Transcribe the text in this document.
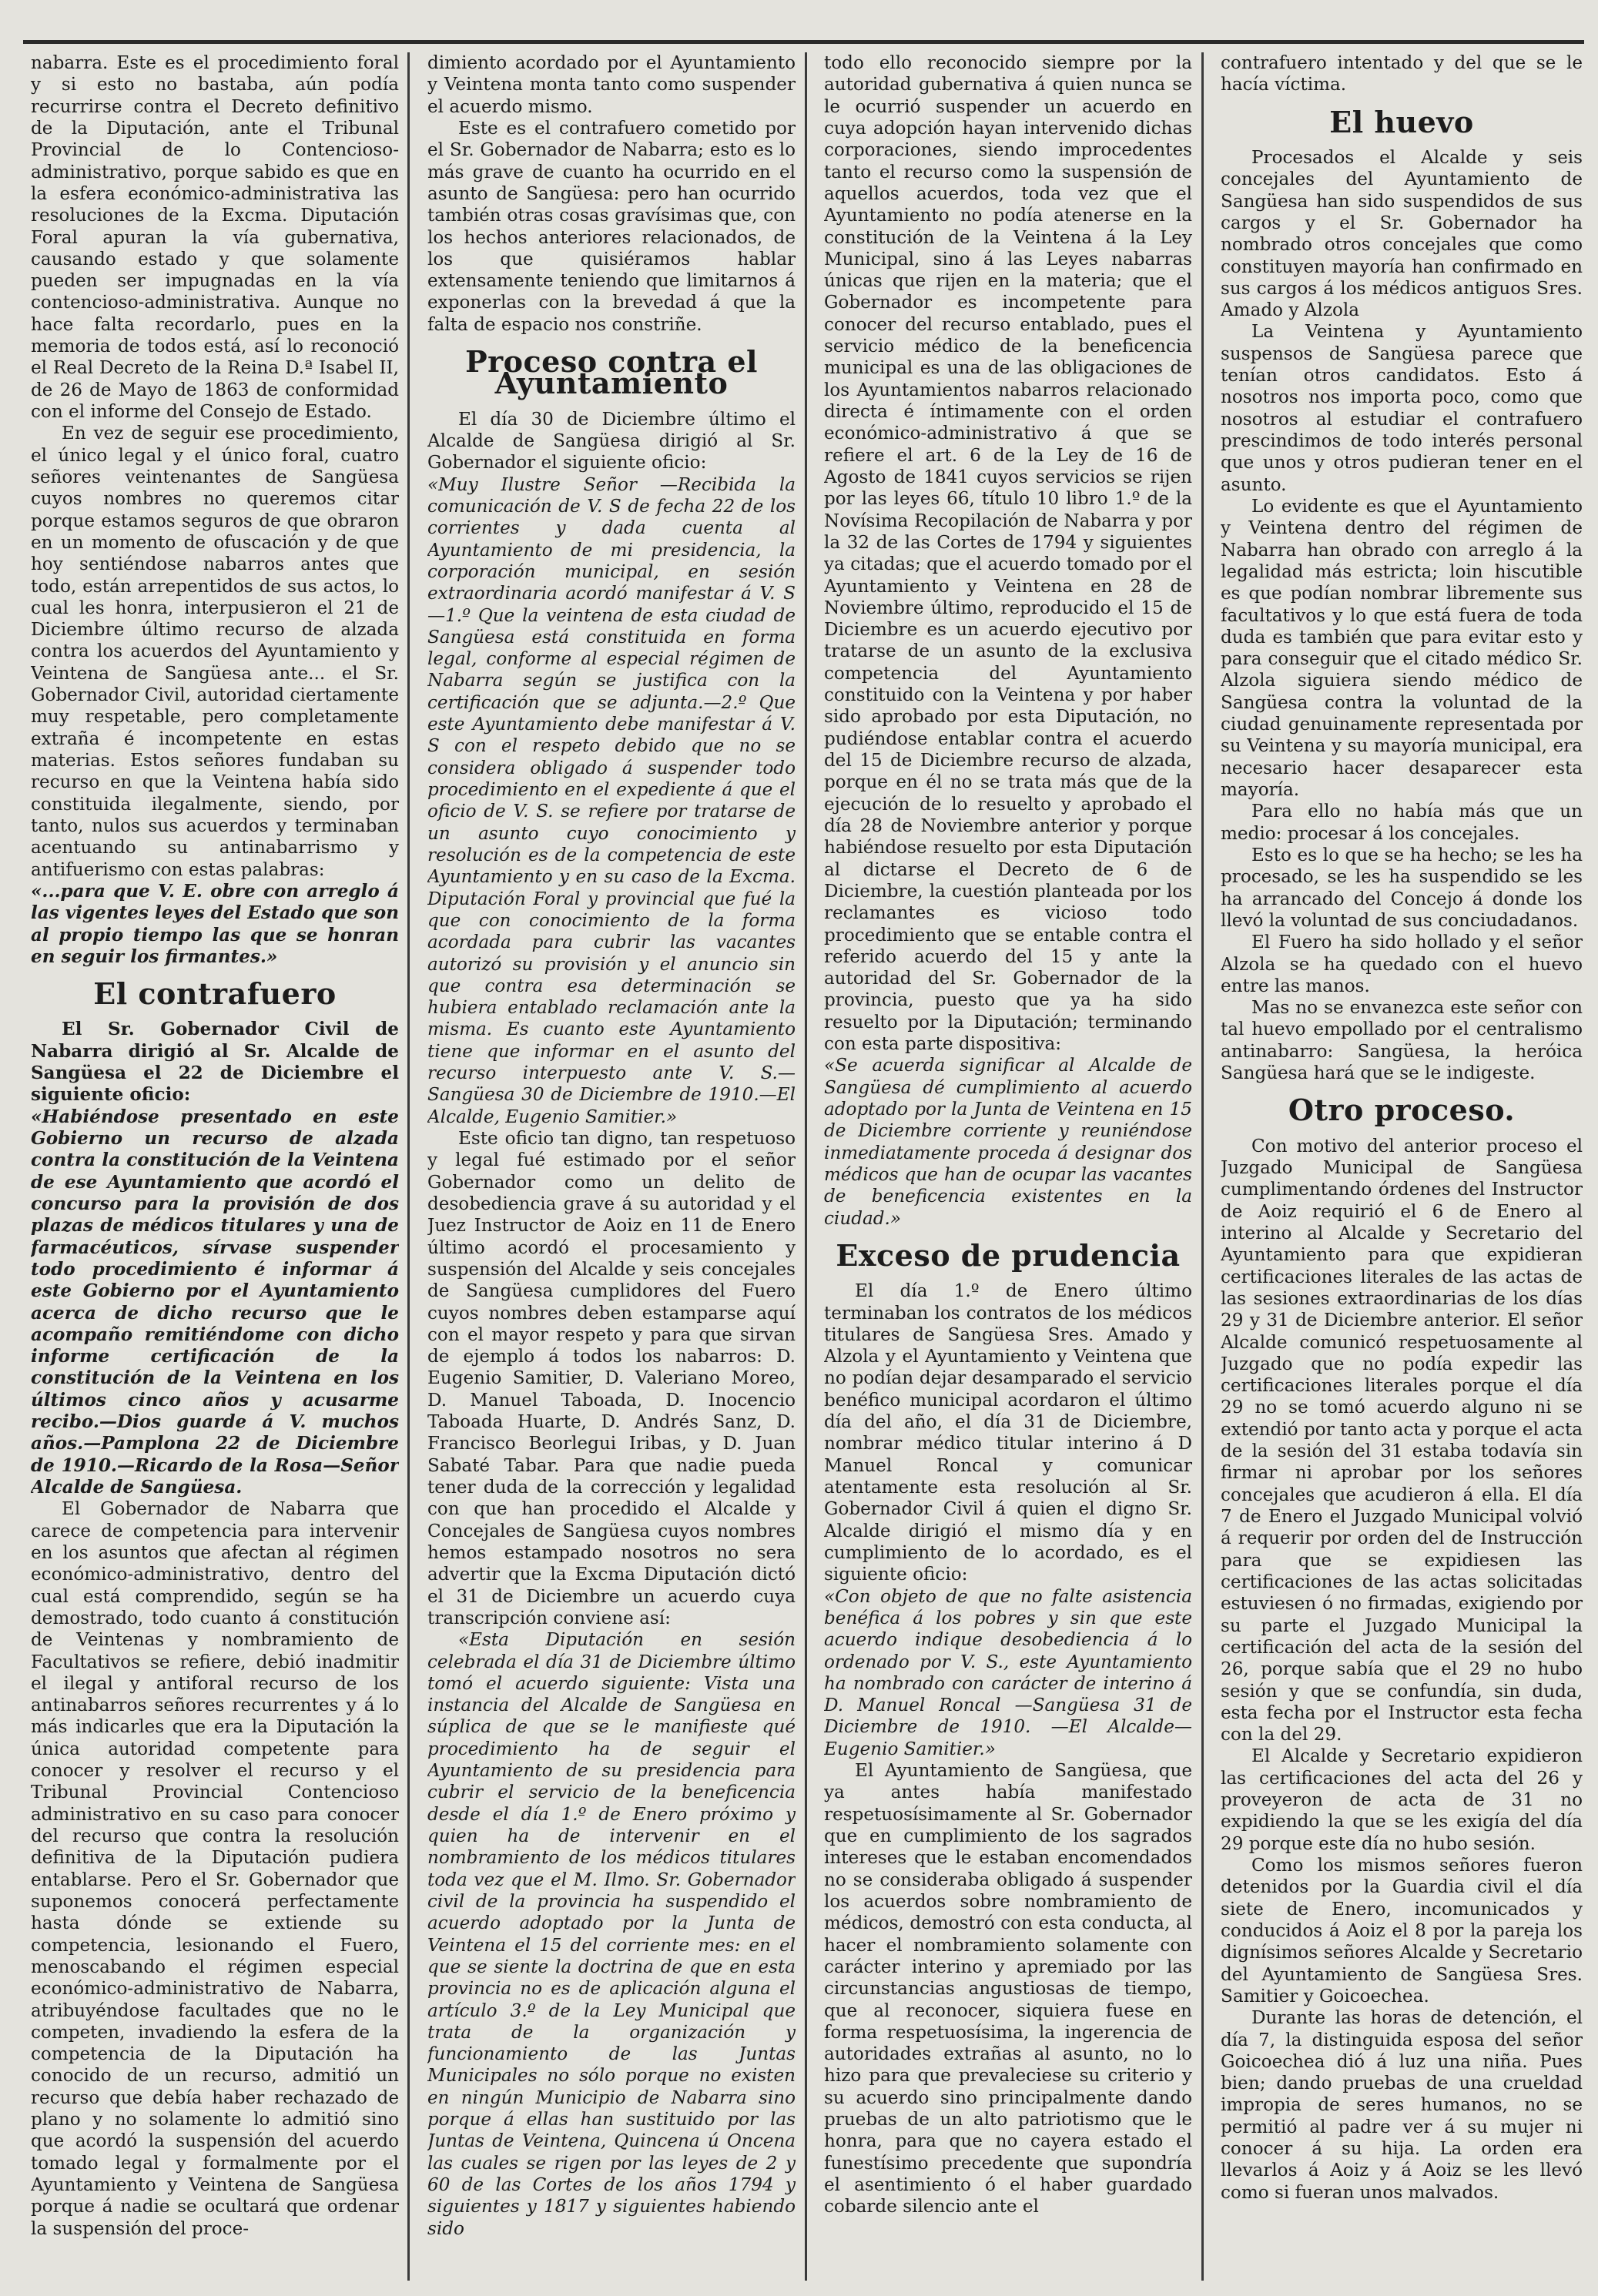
nabarra. Este es el procedimiento foral y si esto no bastaba, aún podía recurrirse contra el Decreto definitivo de la Diputación, ante el Tribunal Provincial de lo Contencioso-administrativo, porque sabido es que en la esfera económico-administrativa las resoluciones de la Excma. Diputación Foral apuran la vía gubernativa, causando estado y que solamente pueden ser impugnadas en la vía contencioso-administrativa. Aunque no hace falta recordarlo, pues en la memoria de todos está, así lo reconoció el Real Decreto de la Reina D.ª Isabel II, de 26 de Mayo de 1863 de conformidad con el informe del Consejo de Estado.

En vez de seguir ese procedimiento, el único legal y el único foral, cuatro señores veintenantes de Sangüesa cuyos nombres no queremos citar porque estamos seguros de que obraron en un momento de ofuscación y de que hoy sentiéndose nabarros antes que todo, están arrepentidos de sus actos, lo cual les honra, interpusieron el 21 de Diciembre último recurso de alzada contra los acuerdos del Ayuntamiento y Veintena de Sangüesa ante... el Sr. Gobernador Civil, autoridad ciertamente muy respetable, pero completamente extraña é incompetente en estas materias. Estos señores fundaban su recurso en que la Veintena había sido constituida ilegalmente, siendo, por tanto, nulos sus acuerdos y terminaban acentuando su antinabarrismo y antifuerismo con estas palabras:

«...para que V. E. obre con arreglo á las vigentes leyes del Estado que son al propio tiempo las que se honran en seguir los firmantes.»

El contrafuero

El Sr. Gobernador Civil de Nabarra dirigió al Sr. Alcalde de Sangüesa el 22 de Diciembre el siguiente oficio:

«Habiéndose presentado en este Gobierno un recurso de alzada contra la constitución de la Veintena de ese Ayuntamiento que acordó el concurso para la provisión de dos plazas de médicos titulares y una de farmacéuticos, sírvase suspender todo procedimiento é informar á este Gobierno por el Ayuntamiento acerca de dicho recurso que le acompaño remitiéndome con dicho informe certificación de la constitución de la Veintena en los últimos cinco años y acusarme recibo.—Dios guarde á V. muchos años.—Pamplona 22 de Diciembre de 1910.—Ricardo de la Rosa—Señor Alcalde de Sangüesa.

El Gobernador de Nabarra que carece de competencia para intervenir en los asuntos que afectan al régimen económico-administrativo, dentro del cual está comprendido, según se ha demostrado, todo cuanto á constitución de Veintenas y nombramiento de Facultativos se refiere, debió inadmitir el ilegal y antiforal recurso de los antinabarros señores recurrentes y á lo más indicarles que era la Diputación la única autoridad competente para conocer y resolver el recurso y el Tribunal Provincial Contencioso administrativo en su caso para conocer del recurso que contra la resolución definitiva de la Diputación pudiera entablarse. Pero el Sr. Gobernador que suponemos conocerá perfectamente hasta dónde se extiende su competencia, lesionando el Fuero, menoscabando el régimen especial económico-administrativo de Nabarra, atribuyéndose facultades que no le competen, invadiendo la esfera de la competencia de la Diputación ha conocido de un recurso, admitió un recurso que debía haber rechazado de plano y no solamente lo admitió sino que acordó la suspensión del acuerdo tomado legal y formalmente por el Ayuntamiento y Veintena de Sangüesa porque á nadie se ocultará que ordenar la suspensión del proce-

dimiento acordado por el Ayuntamiento y Veintena monta tanto como suspender el acuerdo mismo.

Este es el contrafuero cometido por el Sr. Gobernador de Nabarra; esto es lo más grave de cuanto ha ocurrido en el asunto de Sangüesa: pero han ocurrido también otras cosas gravísimas que, con los hechos anteriores relacionados, de los que quisiéramos hablar extensamente teniendo que limitarnos á exponerlas con la brevedad á que la falta de espacio nos constriñe.

Proceso contra el Ayuntamiento

El día 30 de Diciembre último el Alcalde de Sangüesa dirigió al Sr. Gobernador el siguiente oficio:

«Muy Ilustre Señor —Recibida la comunicación de V. S de fecha 22 de los corrientes y dada cuenta al Ayuntamiento de mi presidencia, la corporación municipal, en sesión extraordinaria acordó manifestar á V. S —1.º Que la veintena de esta ciudad de Sangüesa está constituida en forma legal, conforme al especial régimen de Nabarra según se justifica con la certificación que se adjunta.—2.º Que este Ayuntamiento debe manifestar á V. S con el respeto debido que no se considera obligado á suspender todo procedimiento en el expediente á que el oficio de V. S. se refiere por tratarse de un asunto cuyo conocimiento y resolución es de la competencia de este Ayuntamiento y en su caso de la Excma. Diputación Foral y provincial que fué la que con conocimiento de la forma acordada para cubrir las vacantes autorizó su provisión y el anuncio sin que contra esa determinación se hubiera entablado reclamación ante la misma. Es cuanto este Ayuntamiento tiene que informar en el asunto del recurso interpuesto ante V. S.—Sangüesa 30 de Diciembre de 1910.—El Alcalde, Eugenio Samitier.»

Este oficio tan digno, tan respetuoso y legal fué estimado por el señor Gobernador como un delito de desobediencia grave á su autoridad y el Juez Instructor de Aoiz en 11 de Enero último acordó el procesamiento y suspensión del Alcalde y seis concejales de Sangüesa cumplidores del Fuero cuyos nombres deben estamparse aquí con el mayor respeto y para que sirvan de ejemplo á todos los nabarros: D. Eugenio Samitier, D. Valeriano Moreo, D. Manuel Taboada, D. Inocencio Taboada Huarte, D. Andrés Sanz, D. Francisco Beorlegui Iribas, y D. Juan Sabaté Tabar. Para que nadie pueda tener duda de la corrección y legalidad con que han procedido el Alcalde y Concejales de Sangüesa cuyos nombres hemos estampado nosotros no sera advertir que la Excma Diputación dictó el 31 de Diciembre un acuerdo cuya transcripción conviene así:

«Esta Diputación en sesión celebrada el día 31 de Diciembre último tomó el acuerdo siguiente: Vista una instancia del Alcalde de Sangüesa en súplica de que se le manifieste qué procedimiento ha de seguir el Ayuntamiento de su presidencia para cubrir el servicio de la beneficencia desde el día 1.º de Enero próximo y quien ha de intervenir en el nombramiento de los médicos titulares toda vez que el M. Ilmo. Sr. Gobernador civil de la provincia ha suspendido el acuerdo adoptado por la Junta de Veintena el 15 del corriente mes: en el que se siente la doctrina de que en esta provincia no es de aplicación alguna el artículo 3.º de la Ley Municipal que trata de la organización y funcionamiento de las Juntas Municipales no sólo porque no existen en ningún Municipio de Nabarra sino porque á ellas han sustituido por las Juntas de Veintena, Quincena ú Oncena las cuales se rigen por las leyes de 2 y 60 de las Cortes de los años 1794 y siguientes y 1817 y siguientes habiendo sido

todo ello reconocido siempre por la autoridad gubernativa á quien nunca se le ocurrió suspender un acuerdo en cuya adopción hayan intervenido dichas corporaciones, siendo improcedentes tanto el recurso como la suspensión de aquellos acuerdos, toda vez que el Ayuntamiento no podía atenerse en la constitución de la Veintena á la Ley Municipal, sino á las Leyes nabarras únicas que rijen en la materia; que el Gobernador es incompetente para conocer del recurso entablado, pues el servicio médico de la beneficencia municipal es una de las obligaciones de los Ayuntamientos nabarros relacionado directa é íntimamente con el orden económico-administrativo á que se refiere el art. 6 de la Ley de 16 de Agosto de 1841 cuyos servicios se rijen por las leyes 66, título 10 libro 1.º de la Novísima Recopilación de Nabarra y por la 32 de las Cortes de 1794 y siguientes ya citadas; que el acuerdo tomado por el Ayuntamiento y Veintena en 28 de Noviembre último, reproducido el 15 de Diciembre es un acuerdo ejecutivo por tratarse de un asunto de la exclusiva competencia del Ayuntamiento constituido con la Veintena y por haber sido aprobado por esta Diputación, no pudiéndose entablar contra el acuerdo del 15 de Diciembre recurso de alzada, porque en él no se trata más que de la ejecución de lo resuelto y aprobado el día 28 de Noviembre anterior y porque habiéndose resuelto por esta Diputación al dictarse el Decreto de 6 de Diciembre, la cuestión planteada por los reclamantes es vicioso todo procedimiento que se entable contra el referido acuerdo del 15 y ante la autoridad del Sr. Gobernador de la provincia, puesto que ya ha sido resuelto por la Diputación; terminando con esta parte dispositiva:

«Se acuerda significar al Alcalde de Sangüesa dé cumplimiento al acuerdo adoptado por la Junta de Veintena en 15 de Diciembre corriente y reuniéndose inmediatamente proceda á designar dos médicos que han de ocupar las vacantes de beneficencia existentes en la ciudad.»

Exceso de prudencia

El día 1.º de Enero último terminaban los contratos de los médicos titulares de Sangüesa Sres. Amado y Alzola y el Ayuntamiento y Veintena que no podían dejar desamparado el servicio benéfico municipal acordaron el último día del año, el día 31 de Diciembre, nombrar médico titular interino á D Manuel Roncal y comunicar atentamente esta resolución al Sr. Gobernador Civil á quien el digno Sr. Alcalde dirigió el mismo día y en cumplimiento de lo acordado, es el siguiente oficio:

«Con objeto de que no falte asistencia benéfica á los pobres y sin que este acuerdo indique desobediencia á lo ordenado por V. S., este Ayuntamiento ha nombrado con carácter de interino á D. Manuel Roncal —Sangüesa 31 de Diciembre de 1910. —El Alcalde—Eugenio Samitier.»

El Ayuntamiento de Sangüesa, que ya antes había manifestado respetuosísimamente al Sr. Gobernador que en cumplimiento de los sagrados intereses que le estaban encomendados no se consideraba obligado á suspender los acuerdos sobre nombramiento de médicos, demostró con esta conducta, al hacer el nombramiento solamente con carácter interino y apremiado por las circunstancias angustiosas de tiempo, que al reconocer, siquiera fuese en forma respetuosísima, la ingerencia de autoridades extrañas al asunto, no lo hizo para que prevaleciese su criterio y su acuerdo sino principalmente dando pruebas de un alto patriotismo que le honra, para que no cayera estado el funestísimo precedente que supondría el asentimiento ó el haber guardado cobarde silencio ante el

contrafuero intentado y del que se le hacía víctima.

El huevo

Procesados el Alcalde y seis concejales del Ayuntamiento de Sangüesa han sido suspendidos de sus cargos y el Sr. Gobernador ha nombrado otros concejales que como constituyen mayoría han confirmado en sus cargos á los médicos antiguos Sres. Amado y Alzola

La Veintena y Ayuntamiento suspensos de Sangüesa parece que tenían otros candidatos. Esto á nosotros nos importa poco, como que nosotros al estudiar el contrafuero prescindimos de todo interés personal que unos y otros pudieran tener en el asunto.

Lo evidente es que el Ayuntamiento y Veintena dentro del régimen de Nabarra han obrado con arreglo á la legalidad más estricta; loin hiscutible es que podían nombrar libremente sus facultativos y lo que está fuera de toda duda es también que para evitar esto y para conseguir que el citado médico Sr. Alzola siguiera siendo médico de Sangüesa contra la voluntad de la ciudad genuinamente representada por su Veintena y su mayoría municipal, era necesario hacer desaparecer esta mayoría.

Para ello no había más que un medio: procesar á los concejales.

Esto es lo que se ha hecho; se les ha procesado, se les ha suspendido se les ha arrancado del Concejo á donde los llevó la voluntad de sus conciudadanos.

El Fuero ha sido hollado y el señor Alzola se ha quedado con el huevo entre las manos.

Mas no se envanezca este señor con tal huevo empollado por el centralismo antinabarro: Sangüesa, la heróica Sangüesa hará que se le indigeste.

Otro proceso.

Con motivo del anterior proceso el Juzgado Municipal de Sangüesa cumplimentando órdenes del Instructor de Aoiz requirió el 6 de Enero al interino al Alcalde y Secretario del Ayuntamiento para que expidieran certificaciones literales de las actas de las sesiones extraordinarias de los días 29 y 31 de Diciembre anterior. El señor Alcalde comunicó respetuosamente al Juzgado que no podía expedir las certificaciones literales porque el día 29 no se tomó acuerdo alguno ni se extendió por tanto acta y porque el acta de la sesión del 31 estaba todavía sin firmar ni aprobar por los señores concejales que acudieron á ella. El día 7 de Enero el Juzgado Municipal volvió á requerir por orden del de Instrucción para que se expidiesen las certificaciones de las actas solicitadas estuviesen ó no firmadas, exigiendo por su parte el Juzgado Municipal la certificación del acta de la sesión del 26, porque sabía que el 29 no hubo sesión y que se confundía, sin duda, esta fecha por el Instructor esta fecha con la del 29.

El Alcalde y Secretario expidieron las certificaciones del acta del 26 y proveyeron de acta de 31 no expidiendo la que se les exigía del día 29 porque este día no hubo sesión.

Como los mismos señores fueron detenidos por la Guardia civil el día siete de Enero, incomunicados y conducidos á Aoiz el 8 por la pareja los dignísimos señores Alcalde y Secretario del Ayuntamiento de Sangüesa Sres. Samitier y Goicoechea.

Durante las horas de detención, el día 7, la distinguida esposa del señor Goicoechea dió á luz una niña. Pues bien; dando pruebas de una crueldad impropia de seres humanos, no se permitió al padre ver á su mujer ni conocer á su hija. La orden era llevarlos á Aoiz y á Aoiz se les llevó como si fueran unos malvados.
